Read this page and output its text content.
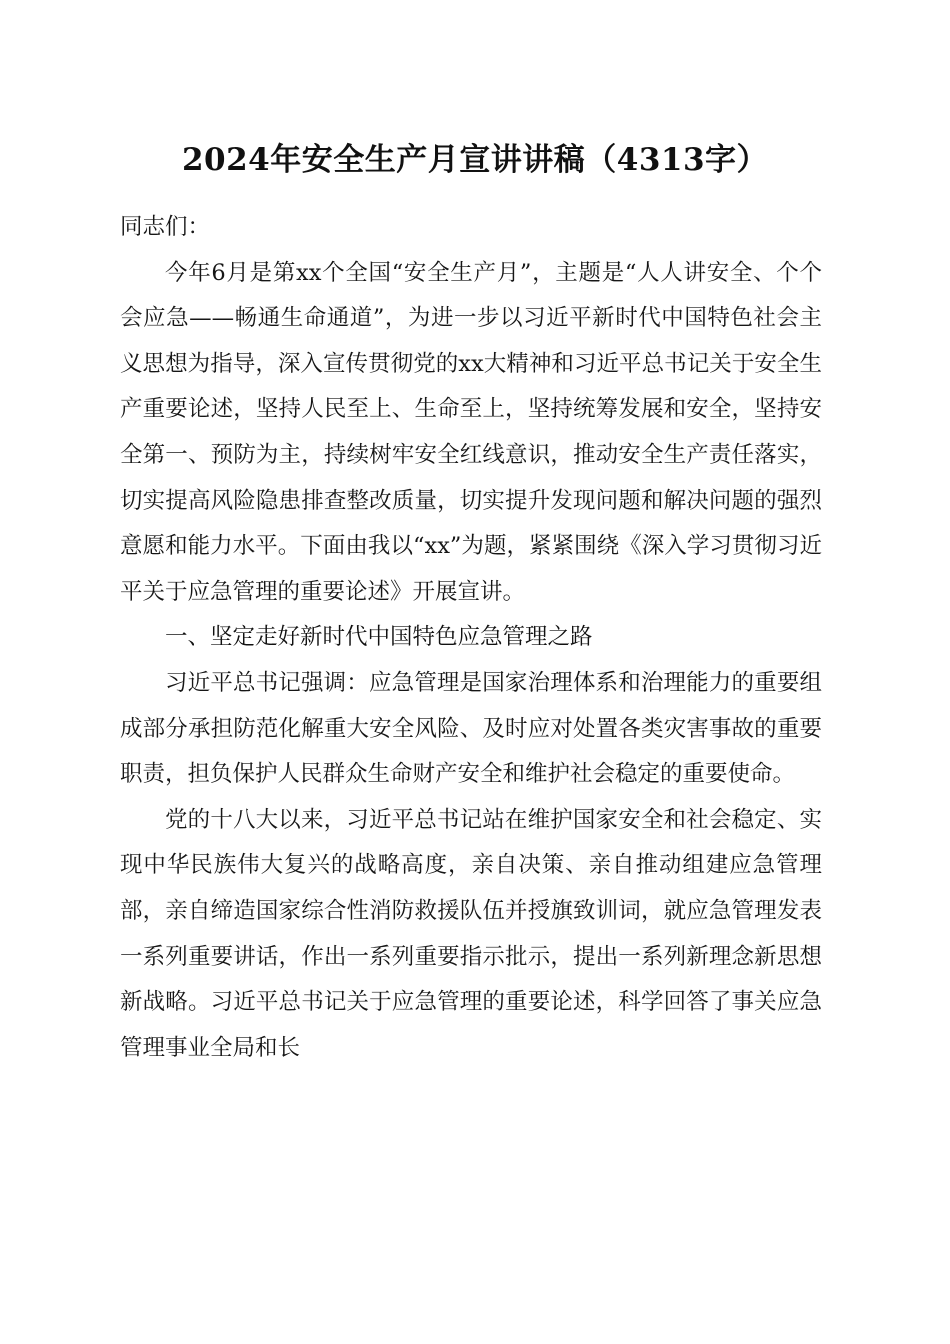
2024年安全生产月宣讲讲稿（4313字）

同志们：

今年6月是第xx个全国“安全生产月”，主题是“人人讲安全、个个会应急——畅通生命通道”，为进一步以习近平新时代中国特色社会主义思想为指导，深入宣传贯彻党的xx大精神和习近平总书记关于安全生产重要论述，坚持人民至上、生命至上，坚持统筹发展和安全，坚持安全第一、预防为主，持续树牢安全红线意识，推动安全生产责任落实，切实提高风险隐患排查整改质量，切实提升发现问题和解决问题的强烈意愿和能力水平。下面由我以“xx”为题，紧紧围绕《深入学习贯彻习近平关于应急管理的重要论述》开展宣讲。

一、坚定走好新时代中国特色应急管理之路

习近平总书记强调：应急管理是国家治理体系和治理能力的重要组成部分承担防范化解重大安全风险、及时应对处置各类灾害事故的重要职责，担负保护人民群众生命财产安全和维护社会稳定的重要使命。

党的十八大以来，习近平总书记站在维护国家安全和社会稳定、实现中华民族伟大复兴的战略高度，亲自决策、亲自推动组建应急管理部，亲自缔造国家综合性消防救援队伍并授旗致训词，就应急管理发表一系列重要讲话，作出一系列重要指示批示，提出一系列新理念新思想新战略。习近平总书记关于应急管理的重要论述，科学回答了事关应急管理事业全局和长
